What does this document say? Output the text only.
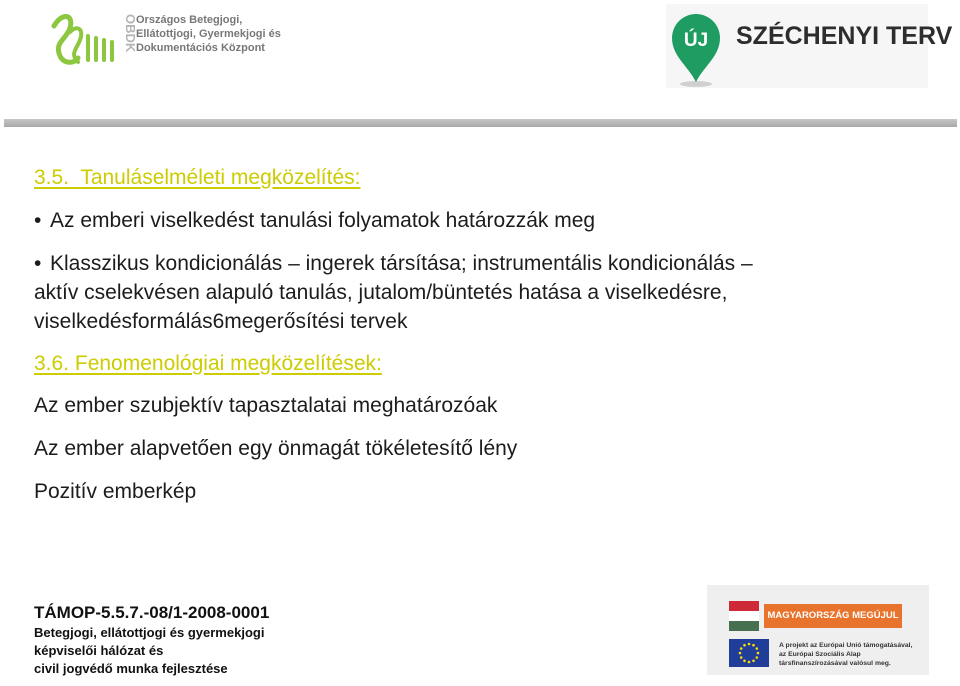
OBDK
Országos Betegjogi,
Ellátottjogi, Gyermekjogi és
Dokumentációs Központ	ÚJ SZÉCHENYI TERV
3.5. Tanuláselméleti megközelítés:
• Az emberi viselkedést tanulási folyamatok határozzák meg
• Klasszikus kondicionálás – ingerek társítása; instrumentális kondicionálás –
aktív cselekvésen alapuló tanulás, jutalom/büntetés hatása a viselkedésre,
viselkedésformálás6megerősítési tervek
3.6. Fenomenológiai megközelítések:
Az ember szubjektív tapasztalatai meghatározóak
Az ember alapvetően egy önmagát tökéletesítő lény
Pozitív emberkép
TÁMOP-5.5.7.-08/1-2008-0001
Betegjogi, ellátottjogi és gyermekjogi
képviselői hálózat és
civil jogvédő munka fejlesztése
MAGYARORSZÁG MEGÚJUL
A projekt az Európai Unió támogatásával,
az Európai Szociális Alap
társfinanszírozásával valósul meg.
